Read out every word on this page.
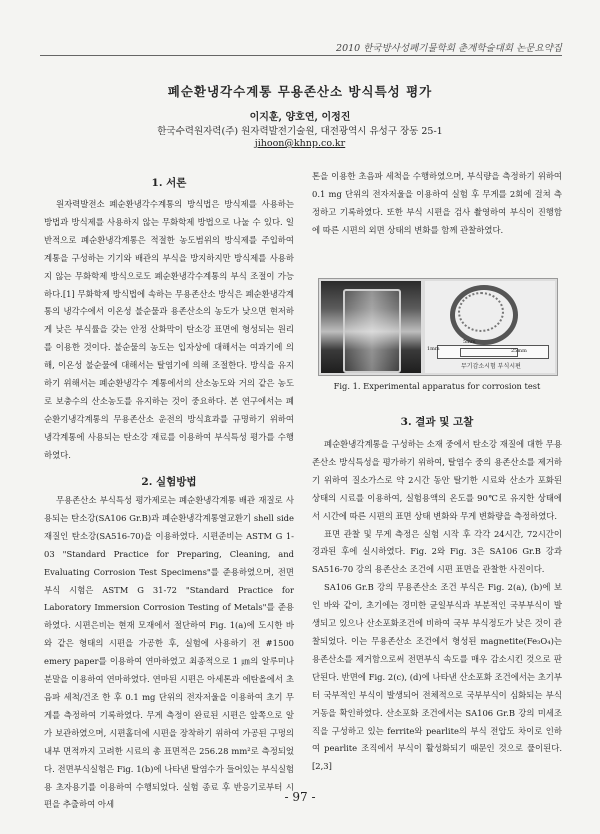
2010 한국방사성폐기물학회 춘계학술대회 논문요약집
폐순환냉각수계통 무용존산소 방식특성 평가
이지훈, 양호연, 이정진
한국수력원자력(주) 원자력발전기술원, 대전광역시 유성구 장동 25-1
jihoon@khnp.co.kr
1. 서론

원자력발전소 폐순환냉각수계통의 방식법은 방식제를 사용하는 방법과 방식제를 사용하지 않는 무화학제 방법으로 나눌 수 있다. 일반적으로 폐순환냉각계통은 적절한 농도범위의 방식제를 주입하여 계통을 구성하는 기기와 배관의 부식을 방지하지만 방식제를 사용하지 않는 무화학제 방식으로도 폐순환냉각수계통의 부식 조절이 가능하다.[1] 무화학제 방식법에 속하는 무용존산소 방식은 폐순환냉각계통의 냉각수에서 이온성 불순물과 용존산소의 농도가 낮으면 현저하게 낮은 부식률을 갖는 안정 산화막이 탄소강 표면에 형성되는 원리를 이용한 것이다. 불순물의 농도는 입자상에 대해서는 여과기에 의해, 이온성 불순물에 대해서는 탈염기에 의해 조절한다. 방식을 유지하기 위해서는 폐순환냉각수 계통에서의 산소농도와 거의 같은 농도로 보충수의 산소농도를 유지하는 것이 중요하다. 본 연구에서는 폐순환기냉각계통의 무용존산소 운전의 방식효과를 규명하기 위하여 냉각계통에 사용되는 탄소강 재료를 이용하여 부식특성 평가를 수행하였다.

2. 실험방법

무용존산소 부식특성 평가제로는 폐순환냉각계통 배관 재질로 사용되는 탄소강(SA106 Gr.B)과 폐순환냉각계통열교환기 shell side 재질인 탄소강(SA516-70)을 이용하였다. 시편준비는 ASTM G 1-03 "Standard Practice for Preparing, Cleaning, and Evaluating Corrosion Test Specimens"를 준용하였으며, 전면부식 시험은 ASTM G 31-72 "Standard Practice for Laboratory Immersion Corrosion Testing of Metals"를 준용하였다. 시편은비는 현재 모재에서 절단하여 Fig. 1(a)에 도시한 바와 같은 형태의 시편을 가공한 후, 실험에 사용하기 전 #1500 emery paper를 이용하여 연마하였고 최종적으로 1 ㎛의 알루미나 분말을 이용하여 연마하였다. 연마된 시편은 아세톤과 에탄올에서 초음파 세척/건조 한 후 0.1 mg 단위의 전자저울을 이용하여 초기 무게를 측정하여 기록하였다. 무게 측정이 완료된 시편은 앞쪽으로 알가 보관하였으며, 시편홀더에 시편을 장착하기 위하여 가공된 구멍의 내부 면적까지 고려한 시료의 총 표면적은 256.28 mm²로 측정되었다. 전면부식실험은 Fig. 1(b)에 나타낸 탈염수가 들어있는 부식실험용 초자용기를 이용하여 수행되었다. 실험 종료 후 반응기로부터 시편을 추출하여 아세

톤을 이용한 초음파 세척을 수행하였으며, 부식량을 측정하기 위하여 0.1 mg 단위의 전자저울을 이용하여 실험 후 무게를 2회에 걸쳐 측정하고 기록하였다. 또한 부식 시편을 검사 촬영하여 부식이 진행함에 따른 시편의 외면 상태의 변화를 함께 관찰하였다.

1mm
5mm
25mm
무기감소시험 부식시편
Fig. 1. Experimental apparatus for corrosion test
3. 결과 및 고찰

폐순환냉각계통을 구성하는 소재 중에서 탄소강 재질에 대한 무용존산소 방식특성을 평가하기 위하여, 탈염수 중의 용존산소를 제거하기 위하여 질소가스로 약 2시간 동안 탈기한 시료와 산소가 포화된 상태의 시료를 이용하여, 실험용액의 온도를 90℃로 유지한 상태에서 시간에 따른 시편의 표면 상태 변화와 무게 변화량을 측정하였다.

표면 관찰 및 무게 측정은 실험 시작 후 각각 24시간, 72시간이 경과된 후에 실시하였다. Fig. 2와 Fig. 3은 SA106 Gr.B 강과 SA516-70 강의 용존산소 조건에 시편 표면을 관찰한 사진이다.

SA106 Gr.B 강의 무용존산소 조건 부식은 Fig. 2(a), (b)에 보인 바와 같이, 초기에는 경미한 균일부식과 부분적인 국부부식이 발생되고 있으나 산소포화조건에 비하여 국부 부식정도가 낮은 것이 관찰되었다. 이는 무용존산소 조건에서 형성된 magnetite(Fe₃O₄)는 용존산소를 제거함으로써 전면부식 속도를 매우 감소시킨 것으로 판단된다. 반면에 Fig. 2(c), (d)에 나타낸 산소포화 조건에서는 초기부터 국부적인 부식이 발생되어 전체적으로 국부부식이 심화되는 부식 거동을 확인하였다. 산소포화 조건에서는 SA106 Gr.B 강의 미세조직을 구성하고 있는 ferrite와 pearlite의 부식 전압도 차이로 인하여 pearlite 조직에서 부식이 활성화되기 때문인 것으로 풀이된다.[2,3]

- 97 -
